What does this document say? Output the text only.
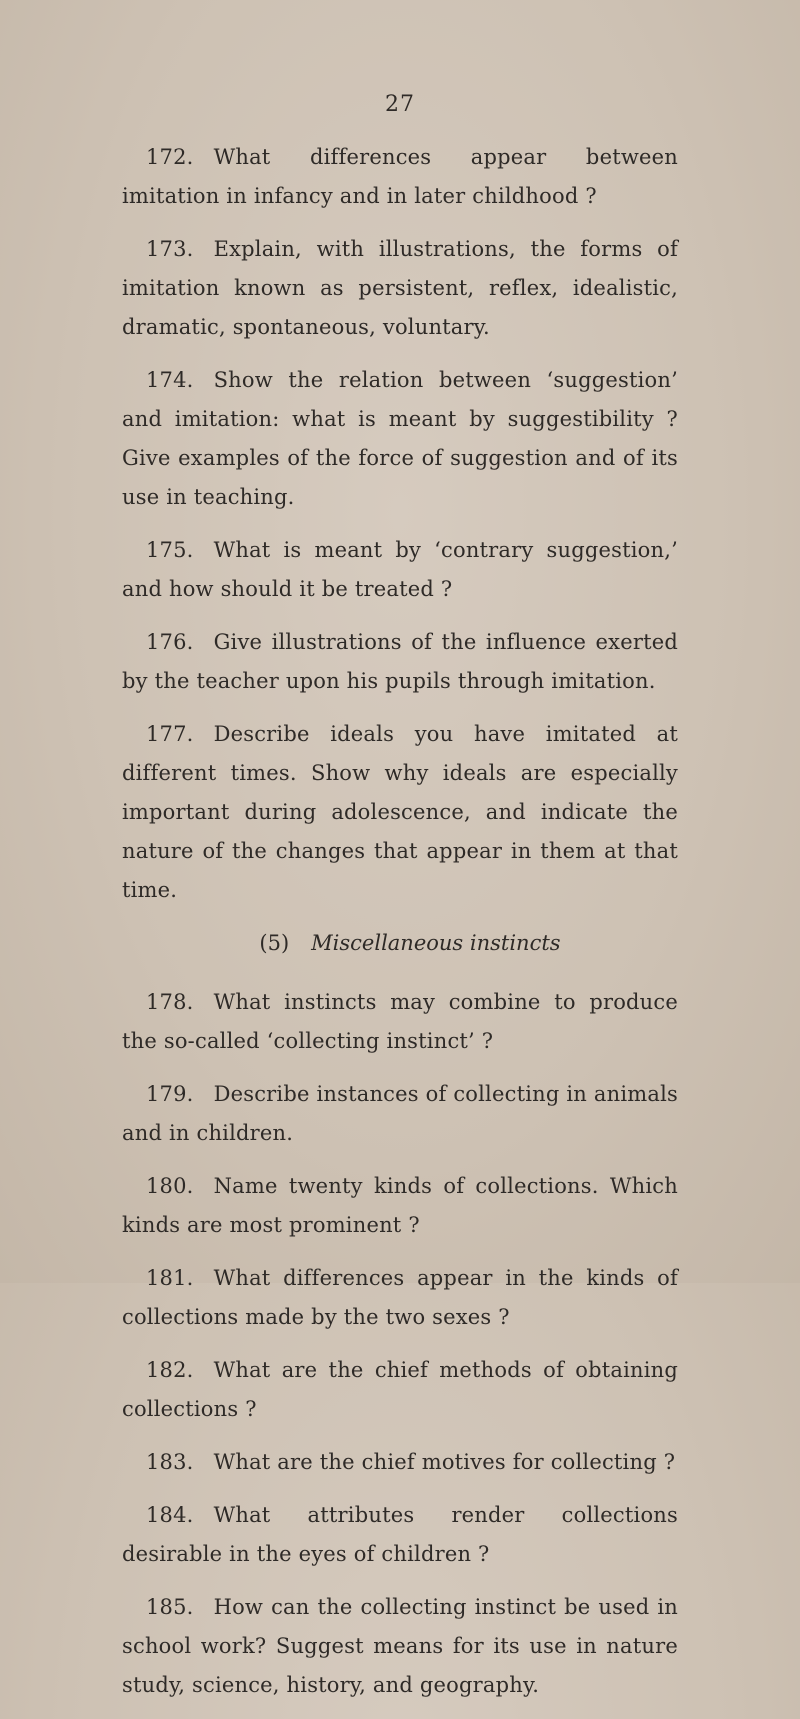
27

172. What differences appear between imitation in infancy and in later childhood ?

173. Explain, with illustrations, the forms of imitation known as persistent, reflex, idealistic, dramatic, spontaneous, voluntary.

174. Show the relation between ‘suggestion’ and imitation: what is meant by suggestibility ? Give examples of the force of suggestion and of its use in teaching.

175. What is meant by ‘contrary suggestion,’ and how should it be treated ?

176. Give illustrations of the influence exerted by the teacher upon his pupils through imitation.

177. Describe ideals you have imitated at different times. Show why ideals are especially important during adolescence, and indicate the nature of the changes that appear in them at that time.

(5) Miscellaneous instincts

178. What instincts may combine to produce the so-called ‘collecting instinct’ ?

179. Describe instances of collecting in animals and in children.

180. Name twenty kinds of collections. Which kinds are most prominent ?

181. What differences appear in the kinds of collections made by the two sexes ?

182. What are the chief methods of obtaining collections ?

183. What are the chief motives for collecting ?

184. What attributes render collections desirable in the eyes of children ?

185. How can the collecting instinct be used in school work? Suggest means for its use in nature study, science, history, and geography.
